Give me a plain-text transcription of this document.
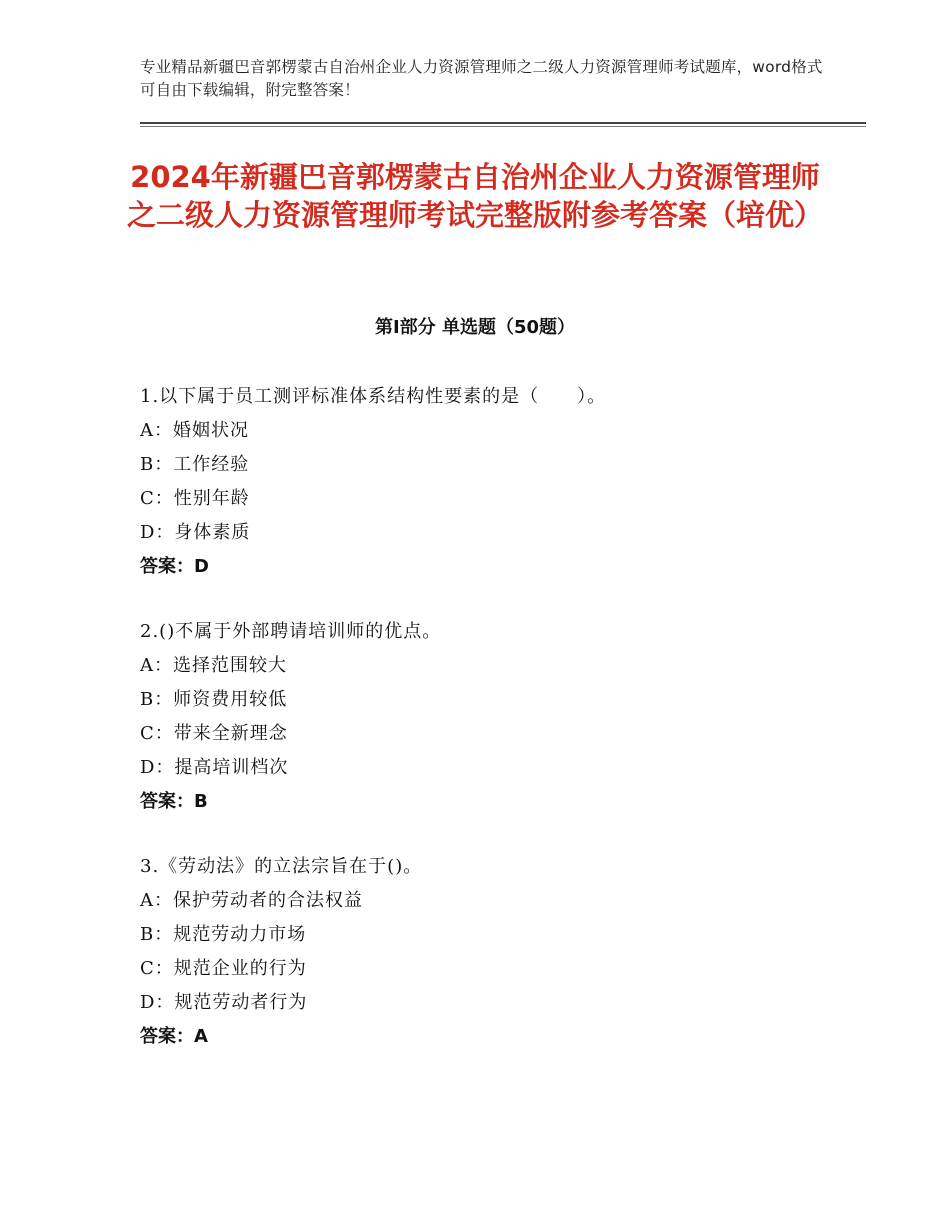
专业精品新疆巴音郭楞蒙古自治州企业人力资源管理师之二级人力资源管理师考试题库，word格式可自由下载编辑，附完整答案！
2024年新疆巴音郭楞蒙古自治州企业人力资源管理师之二级人力资源管理师考试完整版附参考答案（培优）
第Ⅰ部分 单选题（50题）
1.以下属于员工测评标准体系结构性要素的是（　　）。
A：婚姻状况
B：工作经验
C：性别年龄
D：身体素质
答案：D
2.()不属于外部聘请培训师的优点。
A：选择范围较大
B：师资费用较低
C：带来全新理念
D：提高培训档次
答案：B
3.《劳动法》的立法宗旨在于()。
A：保护劳动者的合法权益
B：规范劳动力市场
C：规范企业的行为
D：规范劳动者行为
答案：A
